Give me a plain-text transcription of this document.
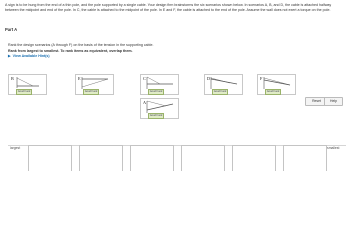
A sign is to be hung from the end of a thin pole, and the pole supported by a single cable. Your design firm brainstorms the six scenarios shown below. In scenarios A, B, and D, the cable is attached halfway between the midpoint and end of the pole. In C, the cable is attached to the midpoint of the pole. In E and F, the cable is attached to the end of the pole. Assume the wall does not exert a torque on the pole.
Part A
Rank the design scenarios (A through F) on the basis of the tension in the supporting cable.
Rank from largest to smallest. To rank items as equivalent, overlap them.
▶ View Available Hint(s)
Reset	Help
B
Good Food
E
Good Food
C
Good Food
D
Good Food
F
Good Food
A
Good Food
largest	smallest
